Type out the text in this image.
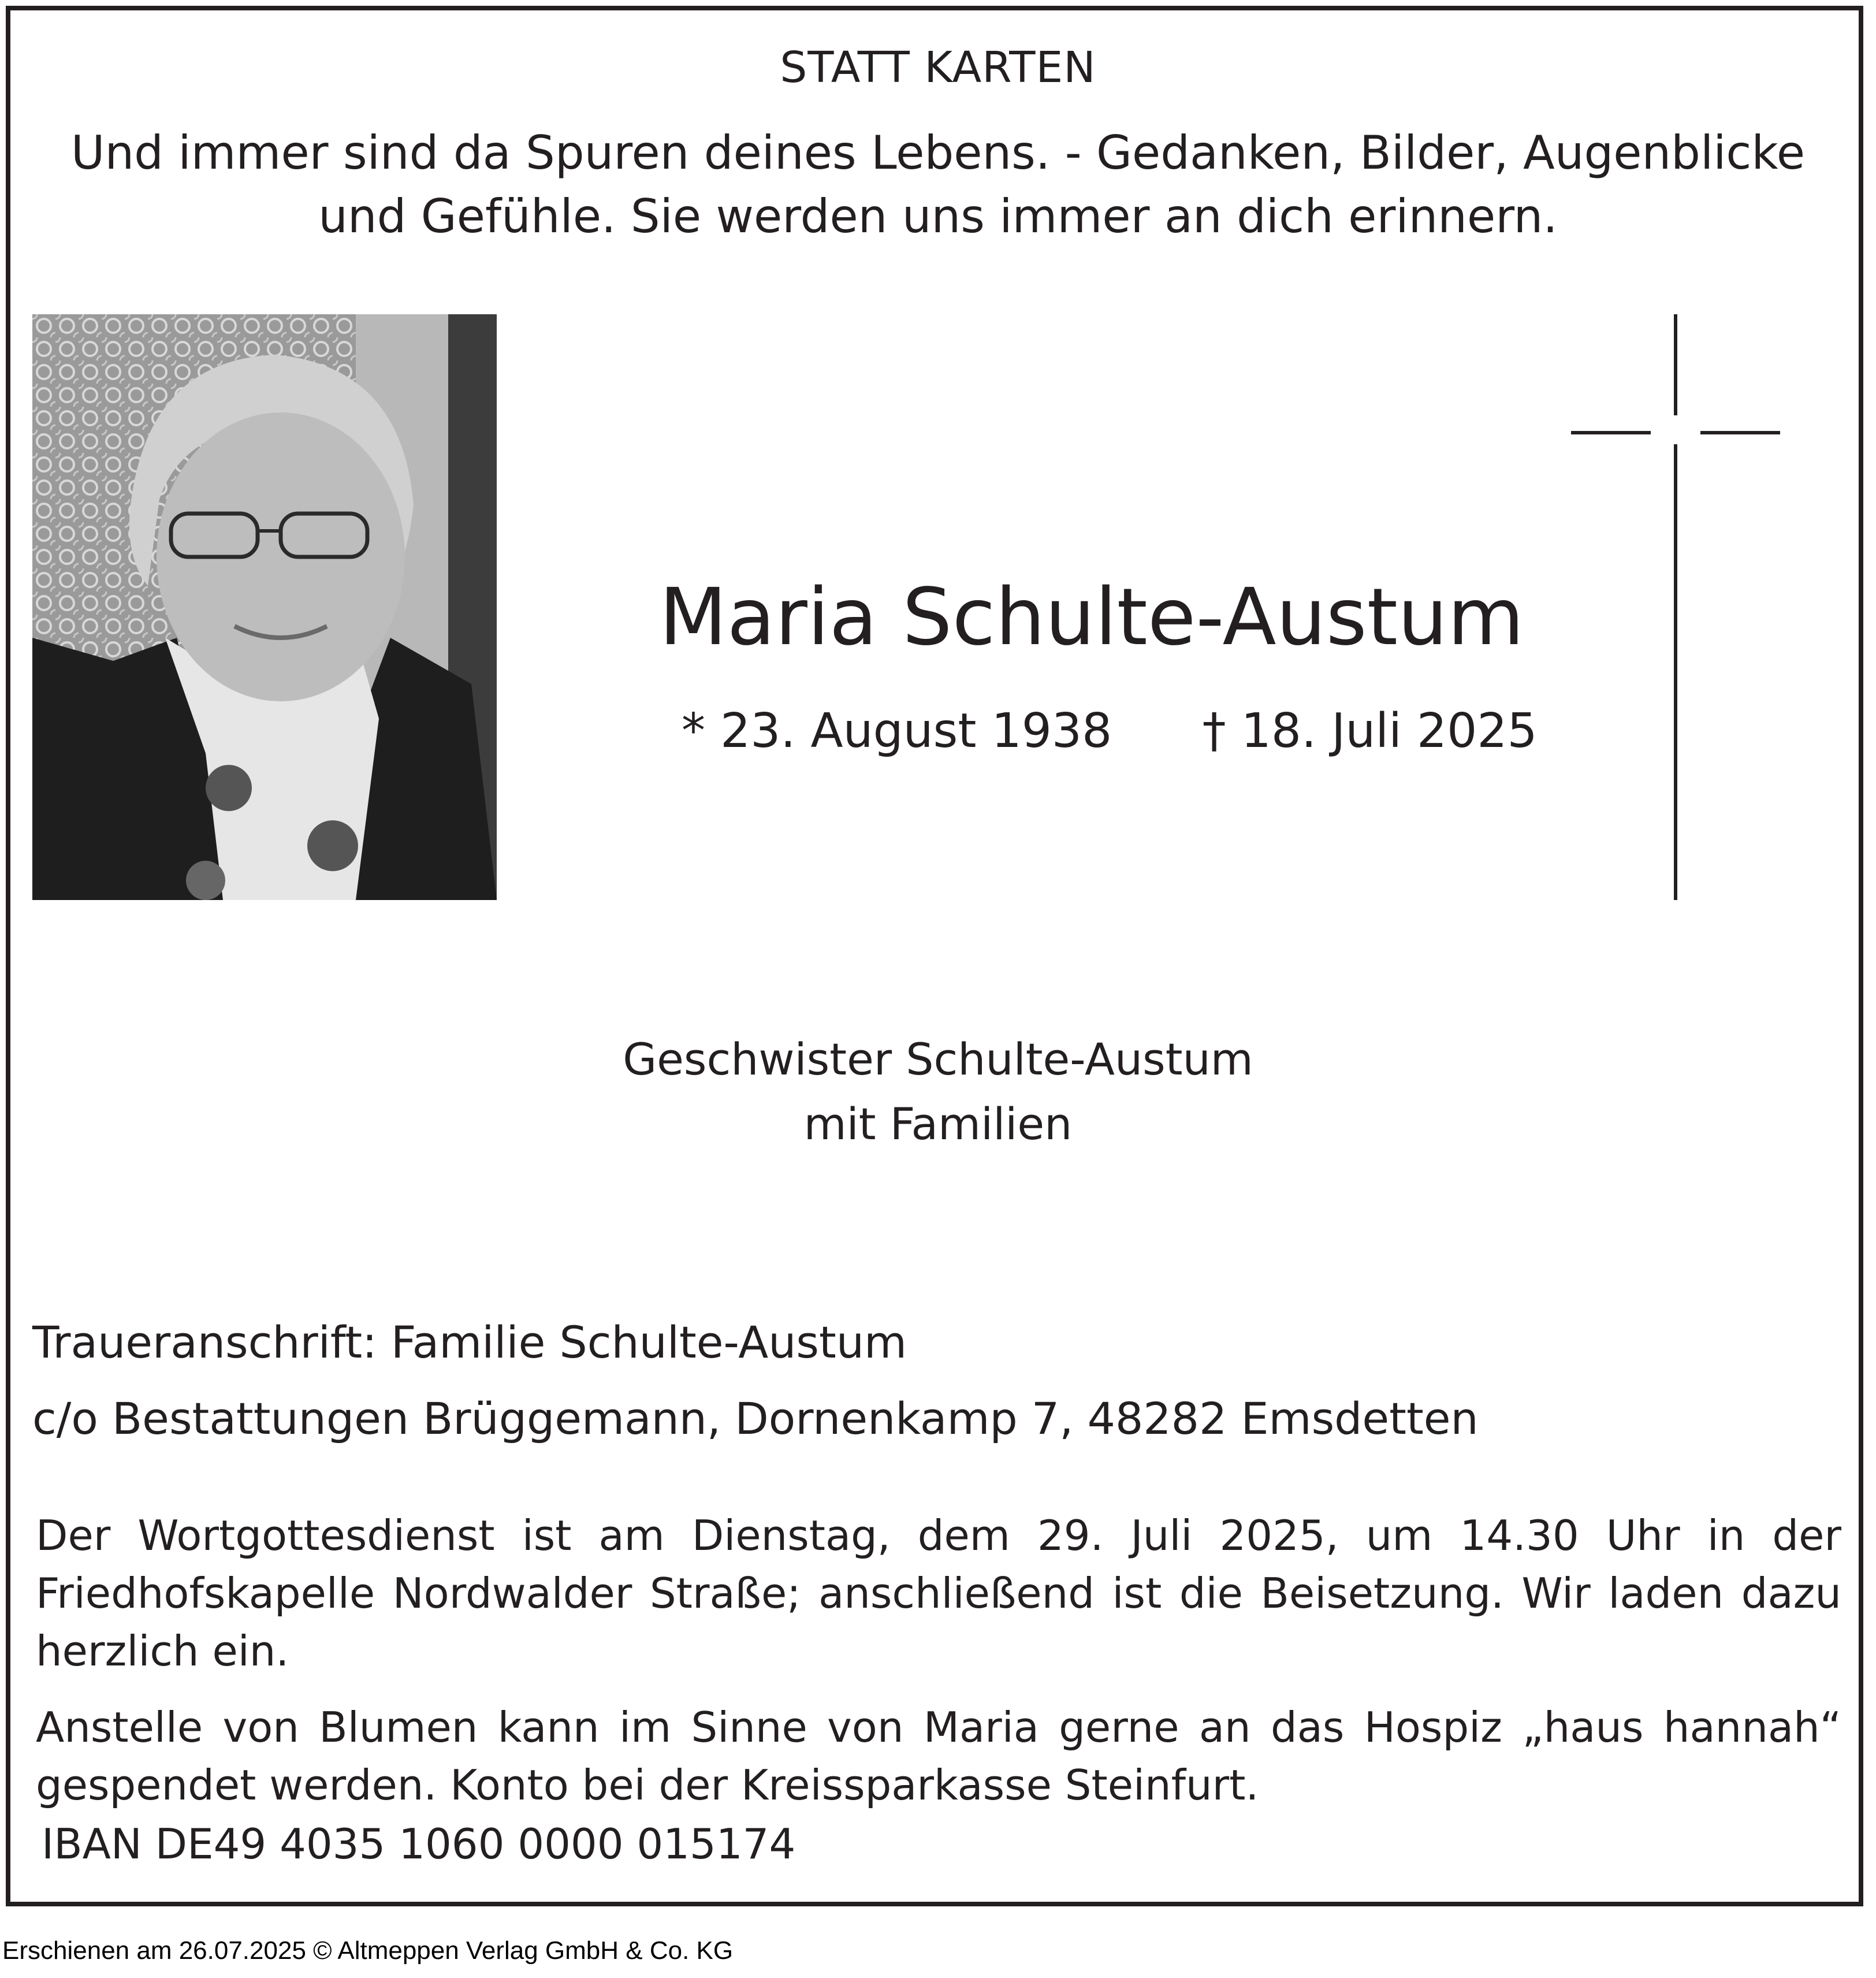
STATT KARTEN
Und immer sind da Spuren deines Lebens. - Gedanken, Bilder, Augenblicke
und Gefühle. Sie werden uns immer an dich erinnern.
Maria Schulte-Austum
* 23. August 1938 † 18. Juli 2025
Geschwister Schulte-Austum
mit Familien
Traueranschrift: Familie Schulte-Austum
c/o Bestattungen Brüggemann, Dornenkamp 7, 48282 Emsdetten
Der Wortgottesdienst ist am Dienstag, dem 29. Juli 2025, um 14.30 Uhr in der Friedhofskapelle Nordwalder Straße; anschließend ist die Beisetzung. Wir laden dazu herzlich ein.
Anstelle von Blumen kann im Sinne von Maria gerne an das Hospiz „haus hannah“ gespendet werden. Konto bei der Kreissparkasse Steinfurt.
IBAN DE49 4035 1060 0000 015174
Erschienen am 26.07.2025 © Altmeppen Verlag GmbH & Co. KG
